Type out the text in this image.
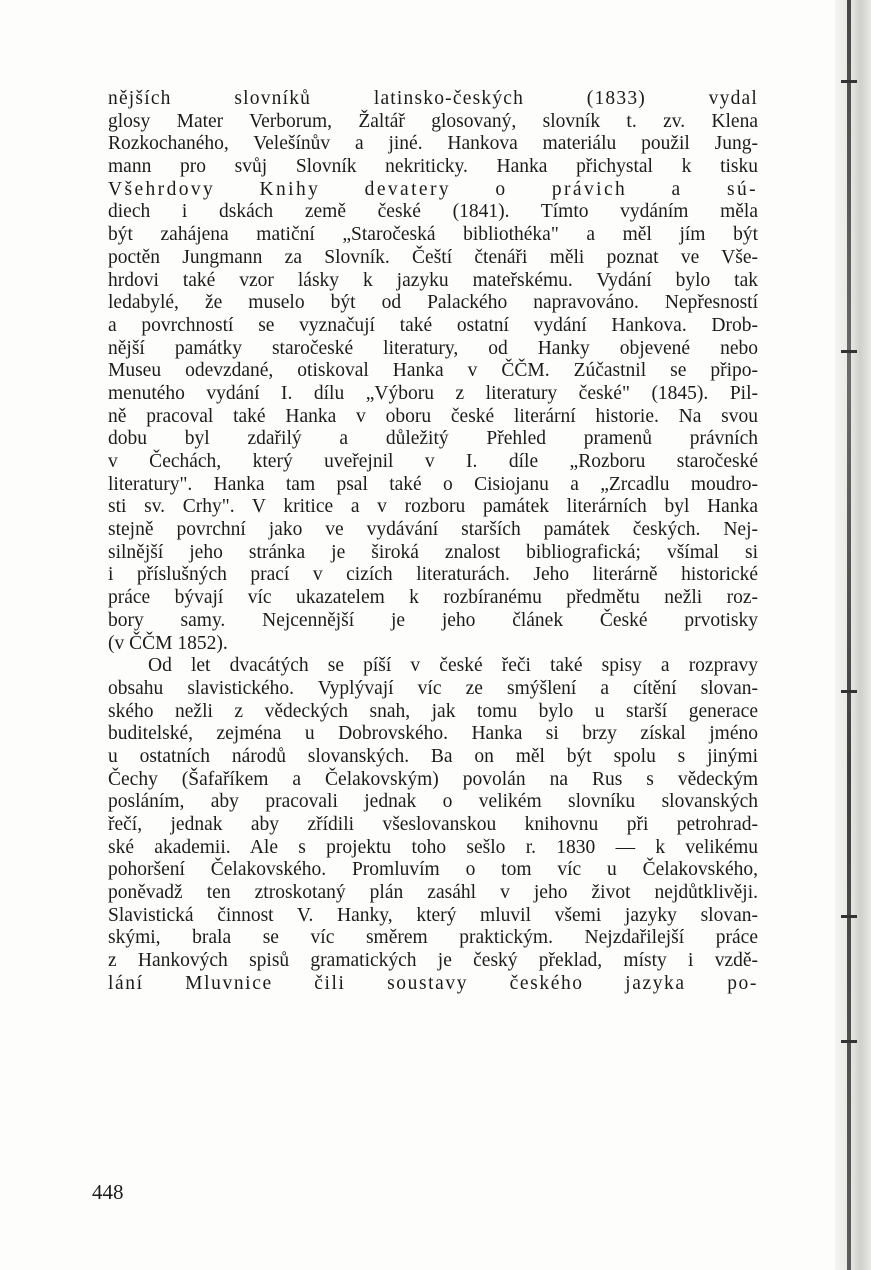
nějších slovníků latinsko-českých (1833) vydal
glosy Mater Verborum, Žaltář glosovaný, slovník t. zv. Klena
Rozkochaného, Velešínův a jiné. Hankova materiálu použil Jung-
mann pro svůj Slovník nekriticky. Hanka přichystal k tisku
Všehrdovy Knihy devatery o právich a sú-
diech i dskách země české (1841). Tímto vydáním měla
být zahájena matiční „Staročeská bibliothéka" a měl jím být
poctěn Jungmann za Slovník. Čeští čtenáři měli poznat ve Vše-
hrdovi také vzor lásky k jazyku mateřskému. Vydání bylo tak
ledabylé, že muselo být od Palackého napravováno. Nepřesností
a povrchností se vyznačují také ostatní vydání Hankova. Drob-
nější památky staročeské literatury, od Hanky objevené nebo
Museu odevzdané, otiskoval Hanka v ČČM. Zúčastnil se připo-
menutého vydání I. dílu „Výboru z literatury české" (1845). Pil-
ně pracoval také Hanka v oboru české literární historie. Na svou
dobu byl zdařilý a důležitý Přehled pramenů právních
v Čechách, který uveřejnil v I. díle „Rozboru staročeské
literatury". Hanka tam psal také o Cisiojanu a „Zrcadlu moudro-
sti sv. Crhy". V kritice a v rozboru památek literárních byl Hanka
stejně povrchní jako ve vydávání starších památek českých. Nej-
silnější jeho stránka je široká znalost bibliografická; všímal si
i příslušných prací v cizích literaturách. Jeho literárně historické
práce bývají víc ukazatelem k rozbíranému předmětu nežli roz-
bory samy. Nejcennější je jeho článek České prvotisky
(v ČČM 1852).
Od let dvacátých se píší v české řeči také spisy a rozpravy
obsahu slavistického. Vyplývají víc ze smýšlení a cítění slovan-
ského nežli z vědeckých snah, jak tomu bylo u starší generace
buditelské, zejména u Dobrovského. Hanka si brzy získal jméno
u ostatních národů slovanských. Ba on měl být spolu s jinými
Čechy (Šafaříkem a Čelakovským) povolán na Rus s vědeckým
posláním, aby pracovali jednak o velikém slovníku slovanských
řečí, jednak aby zřídili všeslovanskou knihovnu při petrohrad-
ské akademii. Ale s projektu toho sešlo r. 1830 — k velikému
pohoršení Čelakovského. Promluvím o tom víc u Čelakovského,
poněvadž ten ztroskotaný plán zasáhl v jeho život nejdůtklivěji.
Slavistická činnost V. Hanky, který mluvil všemi jazyky slovan-
skými, brala se víc směrem praktickým. Nejzdařilejší práce
z Hankových spisů gramatických je český překlad, místy i vzdě-
lání Mluvnice čili soustavy českého jazyka po-
448
